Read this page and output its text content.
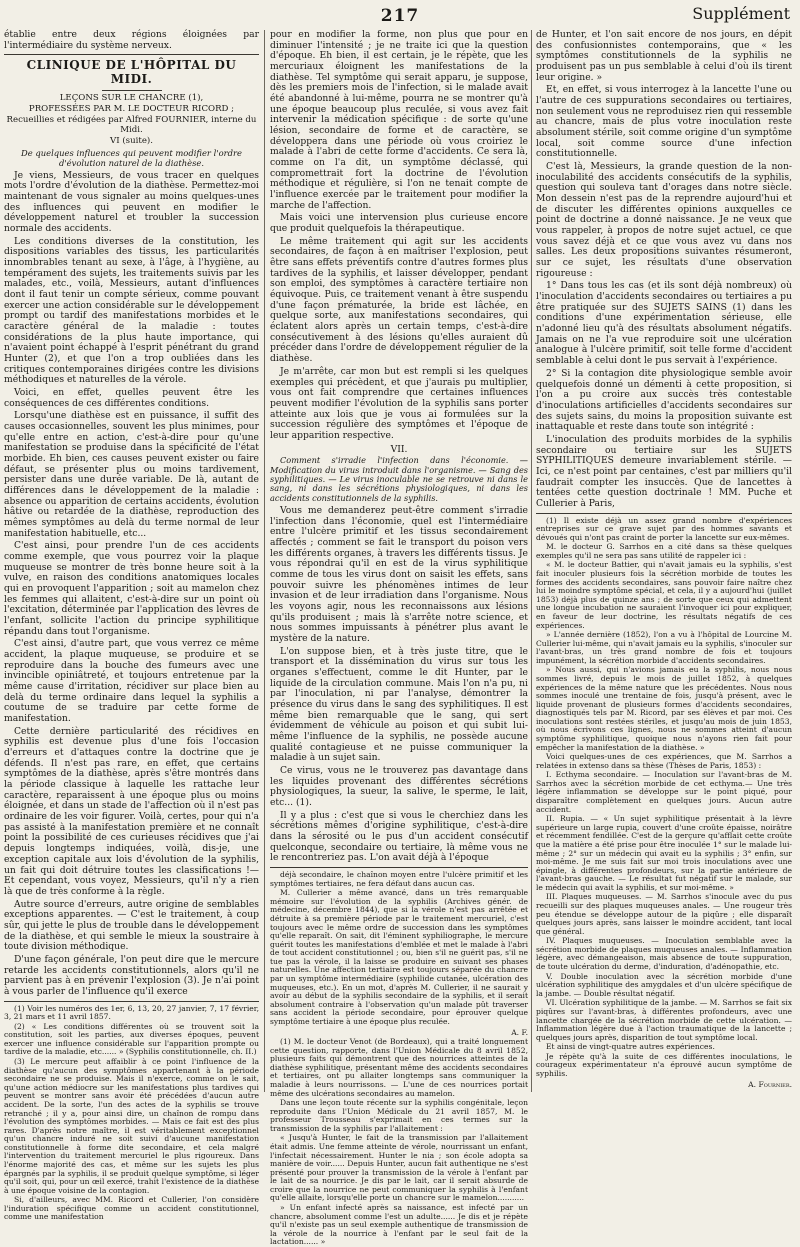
217	Supplément

établie entre deux régions éloignées par l'intermédiaire du système nerveux.

CLINIQUE DE L'HÔPITAL DU MIDI.

LEÇONS SUR LE CHANCRE (1),

PROFESSÉES PAR M. LE DOCTEUR RICORD ;

Recueillies et rédigées par Alfred FOURNIER, interne du Midi.

VI (suite).

De quelques influences qui peuvent modifier l'ordre d'évolution naturel de la diathèse.

Je viens, Messieurs, de vous tracer en quelques mots l'ordre d'évolution de la diathèse. Permettez-moi maintenant de vous signaler au moins quelques-unes des influences qui peuvent en modifier le développement naturel et troubler la succession normale des accidents.

Les conditions diverses de la constitution, les dispositions variables des tissus, les particularités innombrables tenant au sexe, à l'âge, à l'hygiène, au tempérament des sujets, les traitements suivis par les malades, etc., voilà, Messieurs, autant d'influences dont il faut tenir un compte sérieux, comme pouvant exercer une action considérable sur le développement prompt ou tardif des manifestations morbides et le caractère général de la maladie : toutes considérations de la plus haute importance, qui n'avaient point échappé à l'esprit pénétrant du grand Hunter (2), et que l'on a trop oubliées dans les critiques contemporaines dirigées contre les divisions méthodiques et naturelles de la vérole.

Voici, en effet, quelles peuvent être les conséquences de ces différentes conditions.

Lorsqu'une diathèse est en puissance, il suffit des causes occasionnelles, souvent les plus minimes, pour qu'elle entre en action, c'est-à-dire pour qu'une manifestation se produise dans la spécificité de l'état morbide. Eh bien, ces causes peuvent exister ou faire défaut, se présenter plus ou moins tardivement, persister dans une durée variable. De là, autant de différences dans le développement de la maladie : absence ou apparition de certains accidents, évolution hâtive ou retardée de la diathèse, reproduction des mêmes symptômes au delà du terme normal de leur manifestation habituelle, etc...

C'est ainsi, pour prendre l'un de ces accidents comme exemple, que vous pourrez voir la plaque muqueuse se montrer de très bonne heure soit à la vulve, en raison des conditions anatomiques locales qui en provoquent l'apparition ; soit au mamelon chez les femmes qui allaitent, c'est-à-dire sur un point où l'excitation, déterminée par l'application des lèvres de l'enfant, sollicite l'action du principe syphilitique répandu dans tout l'organisme.

C'est ainsi, d'autre part, que vous verrez ce même accident, la plaque muqueuse, se produire et se reproduire dans la bouche des fumeurs avec une invincible opiniâtreté, et toujours entretenue par la même cause d'irritation, récidiver sur place bien au delà du terme ordinaire dans lequel la syphilis a coutume de se traduire par cette forme de manifestation.

Cette dernière particularité des récidives en syphilis est devenue plus d'une fois l'occasion d'erreurs et d'attaques contre la doctrine que je défends. Il n'est pas rare, en effet, que certains symptômes de la diathèse, après s'être montrés dans la période classique à laquelle les rattache leur caractère, reparaissent à une époque plus ou moins éloignée, et dans un stade de l'affection où il n'est pas ordinaire de les voir figurer. Voilà, certes, pour qui n'a pas assisté à la manifestation première et ne connaît point la possibilité de ces curieuses récidives que j'ai depuis longtemps indiquées, voilà, dis-je, une exception capitale aux lois d'évolution de la syphilis, un fait qui doit détruire toutes les classifications !— Et cependant, vous voyez, Messieurs, qu'il n'y a rien là que de très conforme à la règle.

Autre source d'erreurs, autre origine de semblables exceptions apparentes. — C'est le traitement, à coup sûr, qui jette le plus de trouble dans le développement de la diathèse, et qui semble le mieux la soustraire à toute division méthodique.

D'une façon générale, l'on peut dire que le mercure retarde les accidents constitutionnels, alors qu'il ne parvient pas à en prévenir l'explosion (3). Je n'ai point à vous parler de l'influence qu'il exerce

(1) Voir les numéros des 1er, 6, 13, 20, 27 janvier, 7, 17 février, 3, 21 mars et 11 avril 1857.

(2) « Les conditions différentes où se trouvent soit la constitution, soit les parties, aux diverses époques, peuvent exercer une influence considérable sur l'apparition prompte ou tardive de la maladie, etc...... » (Syphilis constitutionnelle, ch. II.)

(3) Le mercure peut affaiblir à ce point l'influence de la diathèse qu'aucun des symptômes appartenant à la période secondaire ne se produise. Mais il n'exerce, comme on le sait, qu'une action médiocre sur les manifestations plus tardives qui peuvent se montrer sans avoir été précédées d'aucun autre accident. De la sorte, l'un des actes de la syphilis se trouve retranché ; il y a, pour ainsi dire, un chaînon de rompu dans l'évolution des symptômes morbides. — Mais ce fait est des plus rares. D'après notre maître, il est véritablement exceptionnel qu'un chancre induré ne soit suivi d'aucune manifestation constitutionnelle à forme dite secondaire, et cela malgré l'intervention du traitement mercuriel le plus rigoureux. Dans l'énorme majorité des cas, et même sur les sujets les plus épargnés par la syphilis, il se produit quelque symptôme, si léger qu'il soit, qui, pour un œil exercé, trahit l'existence de la diathèse à une époque voisine de la contagion.

Si, d'ailleurs, avec MM. Ricord et Cullerier, l'on considère l'induration spécifique comme un accident constitutionnel, comme une manifestation

pour en modifier la forme, non plus que pour en diminuer l'intensité ; je ne traite ici que la question d'époque. Eh bien, il est certain, je le répète, que les mercuriaux éloignent les manifestations de la diathèse. Tel symptôme qui serait apparu, je suppose, dès les premiers mois de l'infection, si le malade avait été abandonné à lui-même, pourra ne se montrer qu'à une époque beaucoup plus reculée, si vous avez fait intervenir la médication spécifique : de sorte qu'une lésion, secondaire de forme et de caractère, se développera dans une période où vous croiriez le malade à l'abri de cette forme d'accidents. Ce sera là, comme on l'a dit, un symptôme déclassé, qui compromettrait fort la doctrine de l'évolution méthodique et régulière, si l'on ne tenait compte de l'influence exercée par le traitement pour modifier la marche de l'affection.

Mais voici une intervension plus curieuse encore que produit quelquefois la thérapeutique.

Le même traitement qui agit sur les accidents secondaires, de façon à en maîtriser l'explosion, peut être sans effets préventifs contre d'autres formes plus tardives de la syphilis, et laisser développer, pendant son emploi, des symptômes à caractère tertiaire non équivoque. Puis, ce traitement venant à être suspendu d'une façon prématurée, la bride est lâchée, en quelque sorte, aux manifestations secondaires, qui éclatent alors après un certain temps, c'est-à-dire consécutivement à des lésions qu'elles auraient dû précéder dans l'ordre de développement régulier de la diathèse.

Je m'arrête, car mon but est rempli si les quelques exemples qui précèdent, et que j'aurais pu multiplier, vous ont fait comprendre que certaines influences peuvent modifier l'évolution de la syphilis sans porter atteinte aux lois que je vous ai formulées sur la succession régulière des symptômes et l'époque de leur apparition respective.

VII.

Comment s'irradie l'infection dans l'économie. — Modification du virus introduit dans l'organisme. — Sang des syphilitiques. — Le virus inoculable ne se retrouve ni dans le sang, ni dans les sécrétions physiologiques, ni dans les accidents constitutionnels de la syphilis.

Vous me demanderez peut-être comment s'irradie l'infection dans l'économie, quel est l'intermédiaire entre l'ulcère primitif et les tissus secondairement affectés ; comment se fait le transport du poison vers les différents organes, à travers les différents tissus. Je vous répondrai qu'il en est de la virus syphilitique comme de tous les virus dont on saisit les effets, sans pouvoir suivre les phénomènes intimes de leur invasion et de leur irradiation dans l'organisme. Nous les voyons agir, nous les reconnaissons aux lésions qu'ils produisent ; mais là s'arrête notre science, et nous sommes impuissants à pénétrer plus avant le mystère de la nature.

L'on suppose bien, et à très juste titre, que le transport et la dissémination du virus sur tous les organes s'effectuent, comme le dit Hunter, par le liquide de la circulation commune. Mais l'on n'a pu, ni par l'inoculation, ni par l'analyse, démontrer la présence du virus dans le sang des syphilitiques. Il est même bien remarquable que le sang, qui sert évidemment de véhicule au poison et qui subit lui-même l'influence de la syphilis, ne possède aucune qualité contagieuse et ne puisse communiquer la maladie à un sujet sain.

Ce virus, vous ne le trouverez pas davantage dans les liquides provenant des différentes sécrétions physiologiques, la sueur, la salive, le sperme, le lait, etc... (1).

Il y a plus : c'est que si vous le cherchiez dans les sécrétions mêmes d'origine syphilitique, c'est-à-dire dans la sérosité ou le pus d'un accident consécutif quelconque, secondaire ou tertiaire, là même vous ne le rencontreriez pas. L'on avait déjà à l'époque

déjà secondaire, le chaînon moyen entre l'ulcère primitif et les symptômes tertiaires, ne fera défaut dans aucun cas.

M. Cullerier a même avancé, dans un très remarquable mémoire sur l'évolution de la syphilis (Archives génér. de médecine, décembre 1844), que si la vérole n'est pas arrêtée et détruite à sa première période par le traitement mercuriel, c'est toujours avec le même ordre de succession dans les symptômes qu'elle reparaît. On sait, dit l'éminent syphiliographe, le mercure guérit toutes les manifestations d'emblée et met le malade à l'abri de tout accident constitutionnel ; ou, bien s'il ne guérit pas, s'il ne tue pas la vérole, il la laisse se produire en suivant ses phases naturelles. Une affection tertiaire est toujours séparée du chancre par un symptôme intermédiaire (syphilide cutanée, ulcération des muqueuses, etc.). En un mot, d'après M. Cullerier, il ne saurait y avoir au début de la syphilis secondaire de la syphilis, et il serait absolument contraire à l'observation qu'un malade pût traverser sans accident la période secondaire, pour éprouver quelque symptôme tertiaire à une époque plus reculée.

A. F.

(1) M. le docteur Venot (de Bordeaux), qui a traité longuement cette question, rapporte, dans l'Union Médicale du 8 avril 1852, plusieurs faits qui démontrent que des nourrices atteintes de la diathèse syphilitique, présentant même des accidents secondaires et tertiaires, ont pu allaiter longtemps sans communiquer la maladie à leurs nourrissons. — L'une de ces nourrices portait même des ulcérations secondaires au mamelon.

Dans une leçon toute récente sur la syphilis congénitale, leçon reproduite dans l'Union Médicale du 21 avril 1857, M. le professeur Trousseau s'exprimait en ces termes sur la transmission de la syphilis par l'allaitement :

« Jusqu'à Hunter, le fait de la transmission par l'allaitement était admis. Une femme atteinte de vérole, nourrissant un enfant, l'infectait nécessairement. Hunter le nia ; son école adopta sa manière de voir...... Depuis Hunter, aucun fait authentique ne s'est présenté pour prouver la transmission de la vérole à l'enfant par le lait de sa nourrice. Je dis par le lait, car il serait absurde de croire que la nourrice ne peut communiquer la syphilis à l'enfant qu'elle allaite, lorsqu'elle porte un chancre sur le mamelon...........

» Un enfant infecté après sa naissance, est infecté par un chancre, absolument comme l'est un adulte...... Je dis et je répète qu'il n'existe pas un seul exemple authentique de transmission de la vérole de la nourrice à l'enfant par le seul fait de la lactation...... »

de Hunter, et l'on sait encore de nos jours, en dépit des confusionnistes contemporains, que « les symptômes constitutionnels de la syphilis ne produisent pas un pus semblable à celui d'où ils tirent leur origine. »

Et, en effet, si vous interrogez à la lancette l'une ou l'autre de ces suppurations secondaires ou tertiaires, non seulement vous ne reproduisez rien qui ressemble au chancre, mais de plus votre inoculation reste absolument stérile, soit comme origine d'un symptôme local, soit comme source d'une infection constitutionnelle.

C'est là, Messieurs, la grande question de la non-inoculabilité des accidents consécutifs de la syphilis, question qui souleva tant d'orages dans notre siècle. Mon dessein n'est pas de la reprendre aujourd'hui et de discuter les différentes opinions auxquelles ce point de doctrine a donné naissance. Je ne veux que vous rappeler, à propos de notre sujet actuel, ce que vous savez déjà et ce que vous avez vu dans nos salles. Les deux propositions suivantes résumeront, sur ce sujet, les résultats d'une observation rigoureuse :

1° Dans tous les cas (et ils sont déjà nombreux) où l'inoculation d'accidents secondaires ou tertiaires a pu être pratiquée sur des SUJETS SAINS (1) dans les conditions d'une expérimentation sérieuse, elle n'adonné lieu qu'à des résultats absolument négatifs. Jamais on ne l'a vue reproduire soit une ulcération analogue à l'ulcère primitif, soit telle forme d'accident semblable à celui dont le pus servait à l'expérience.

2° Si la contagion dite physiologique semble avoir quelquefois donné un démenti à cette proposition, si l'on a pu croire aux succès très contestable d'inoculations artificielles d'accidents secondaires sur des sujets sains, du moins la proposition suivante est inattaquable et reste dans toute son intégrité :

L'inoculation des produits morbides de la syphilis secondaire ou tertiaire sur les SUJETS SYPHILITIQUES demeure invariablement stérile. — Ici, ce n'est point par centaines, c'est par milliers qu'il faudrait compter les insuccès. Que de lancettes à tentées cette question doctrinale ! MM. Puche et Cullerier à Paris,

(1) Il existe déjà un assez grand nombre d'expériences entreprises sur ce grave sujet par des hommes savants et dévoués qui n'ont pas craint de porter la lancette sur eux-mêmes.

M. le docteur G. Sarrhos en a cité dans sa thèse quelques exemples qu'il ne sera pas sans utilité de rappeler ici :

« M. le docteur Battier, qui n'avait jamais eu la syphilis, s'est fait inoculer plusieurs fois la sécrétion morbide de toutes les formes des accidents secondaires, sans pouvoir faire naître chez lui le moindre symptôme spécial, et cela, il y a aujourd'hui (juillet 1853) déjà plus de quinze ans ; de sorte que ceux qui admettent une longue incubation ne sauraient l'invoquer ici pour expliquer, en faveur de leur doctrine, les résultats négatifs de ces expériences.

» L'année dernière (1852), l'on a vu à l'hôpital de Lourcine M. Cullerier lui-même, qui n'avait jamais eu la syphilis, s'inoculer sur l'avant-bras, un très grand nombre de fois et toujours impunément, la sécrétion morbide d'accidents secondaires.

» Nous aussi, qui n'avions jamais eu la syphilis, nous nous sommes livré, depuis le mois de juillet 1852, à quelques expériences de la même nature que les précédentes. Nous nous sommes inoculé une trentaine de fois, jusqu'à présent, avec le liquide provenant de plusieurs formes d'accidents secondaires, diagnostiqués tels par M. Ricord, par ses élèves et par moi. Ces inoculations sont restées stériles, et jusqu'au mois de juin 1853, où nous écrivons ces lignes, nous ne sommes atteint d'aucun symptôme syphilitique, quoique nous n'ayons rien fait pour empêcher la manifestation de la diathèse. »

Voici quelques-unes de ces expériences, que M. Sarrhos a relatées in extenso dans sa thèse (Thèses de Paris, 1853) :

I. Ecthyma secondaire. — Inoculation sur l'avant-bras de M. Sarrhos avec la sécrétion morbide de cet ecthyma.— Une très légère inflammation se développe sur le point piqué, pour disparaître complètement en quelques jours. Aucun autre accident.

II. Rupia. — « Un sujet syphilitique présentait à la lèvre supérieure un large rupia, couvert d'une croûte épaisse, noirâtre et récemment fendillée. C'est de la gerçure qu'afflait cette croûte que la matière a été prise pour être inoculée 1° sur le malade lui-même ; 2° sur un médecin qui avait eu la syphilis ; 3° enfin, sur moi-même. Je me suis fait sur moi trois inoculations avec une épingle, à différentes profondeurs, sur la partie antérieure de l'avant-bras gauche. — Le résultat fut négatif sur le malade, sur le médecin qui avait la syphilis, et sur moi-même. »

III. Plaques muqueuses. — M. Sarrhos s'inocule avec du pus recueilli sur des plaques muqueuses anales. — Une rougeur très peu étendue se développe autour de la piqûre ; elle disparaît quelques jours après, sans laisser le moindre accident, tant local que général.

IV. Plaques muqueuses. — Inoculation semblable avec la sécrétion morbide de plaques muqueuses anales. — Inflammation légère, avec démangeaison, mais absence de toute suppuration, de toute ulcération du derme, d'induration, d'adénopathie, etc.

V. Double inoculation avec la sécrétion morbide d'une ulcération syphilitique des amygdales et d'un ulcère spécifique de la jambe. — Double résultat négatif.

VI. Ulcération syphilitique de la jambe. — M. Sarrhos se fait six piqûres sur l'avant-bras, à différentes profondeurs, avec une lancette chargée de la sécrétion morbide de cette ulcération. — Inflammation légère due à l'action traumatique de la lancette ; quelques jours après, disparition de tout symptôme local.

Et ainsi de vingt-quatre autres expériences.

Je répète qu'à la suite de ces différentes inoculations, le courageux expérimentateur n'a éprouvé aucun symptôme de syphilis.

A. Fournier.
